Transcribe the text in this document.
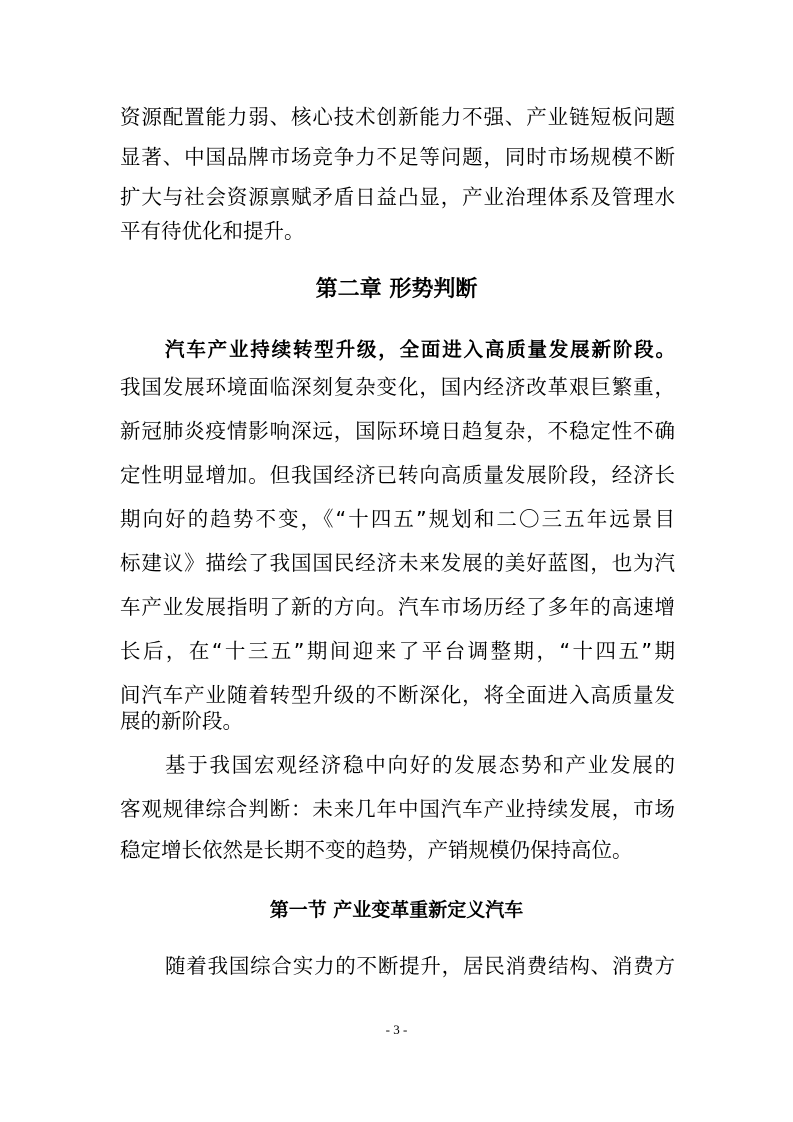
资源配置能力弱、核心技术创新能力不强、产业链短板问题
显著、中国品牌市场竞争力不足等问题，同时市场规模不断
扩大与社会资源禀赋矛盾日益凸显，产业治理体系及管理水
平有待优化和提升。
第二章 形势判断
汽车产业持续转型升级，全面进入高质量发展新阶段。
我国发展环境面临深刻复杂变化，国内经济改革艰巨繁重，
新冠肺炎疫情影响深远，国际环境日趋复杂，不稳定性不确
定性明显增加。但我国经济已转向高质量发展阶段，经济长
期向好的趋势不变，《“十四五”规划和二〇三五年远景目
标建议》描绘了我国国民经济未来发展的美好蓝图，也为汽
车产业发展指明了新的方向。汽车市场历经了多年的高速增
长后，在“十三五”期间迎来了平台调整期，“十四五”期
间汽车产业随着转型升级的不断深化，将全面进入高质量发
展的新阶段。
基于我国宏观经济稳中向好的发展态势和产业发展的
客观规律综合判断：未来几年中国汽车产业持续发展，市场
稳定增长依然是长期不变的趋势，产销规模仍保持高位。
第一节 产业变革重新定义汽车
随着我国综合实力的不断提升，居民消费结构、消费方
- 3 -
